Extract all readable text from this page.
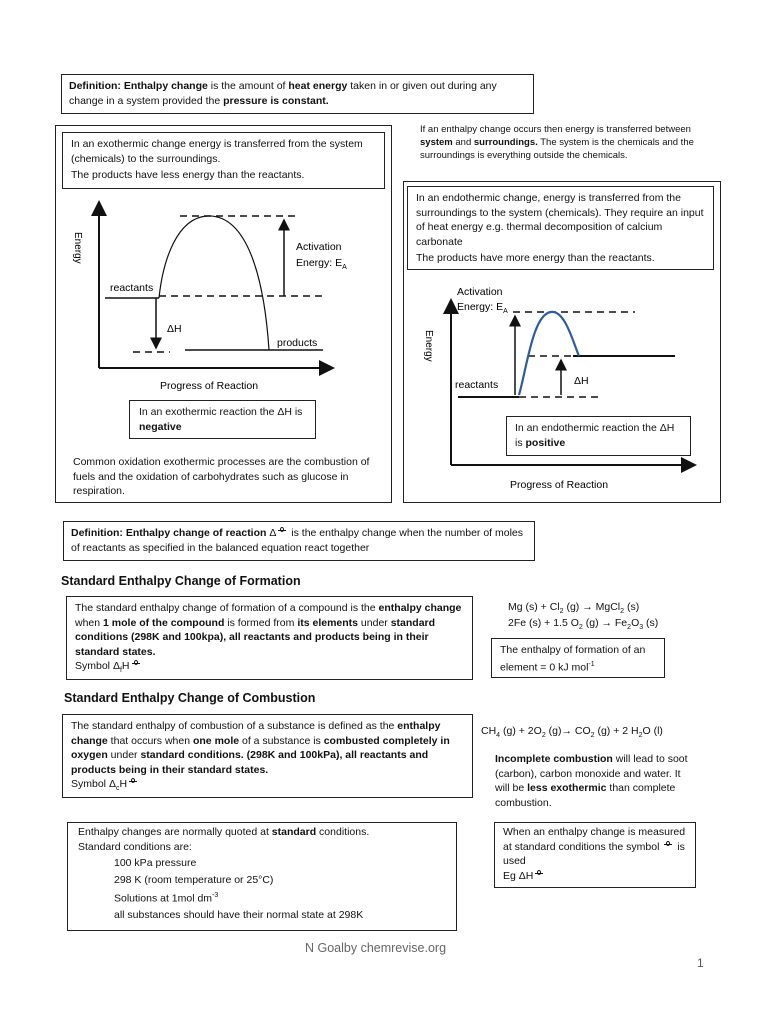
Definition: Enthalpy change is the amount of heat energy taken in or given out during any change in a system provided the pressure is constant.

In an exothermic change energy is transferred from the system (chemicals) to the surroundings.

The products have less energy than the reactants.

Energy
reactants
products
Activation
Energy: $E_A$
ΔH
Progress of Reaction
In an exothermic reaction the ΔH is negative
Common oxidation exothermic processes are the combustion of fuels and the oxidation of carbohydrates such as glucose in respiration.
If an enthalpy change occurs then energy is transferred between system and surroundings. The system is the chemicals and the surroundings is everything outside the chemicals.

In an endothermic change, energy is transferred from the surroundings to the system (chemicals). They require an input of heat energy e.g. thermal decomposition of calcium carbonate

The products have more energy than the reactants.

Energy
Activation
Energy: $E_A$
reactants	ΔH
Progress of Reaction
In an endothermic reaction the ΔH is positive
Definition: Enthalpy change of reaction Δ is the enthalpy change when the number of moles of reactants as specified in the balanced equation react together
Standard Enthalpy Change of Formation
The standard enthalpy change of formation of a compound is the enthalpy change when 1 mole of the compound is formed from its elements under standard conditions (298K and 100kpa), all reactants and products being in their standard states.
Symbol $\Delta_fH$
Mg $(s) + Cl_2$ (g) → MgCl$_2$ (s)
2Fe (s) + 1.5 $O_2$ $(g) \to Fe_2O_3$ (s)
The enthalpy of formation of an element = 0 kJ mol$^{-1}$
Standard Enthalpy Change of Combustion
The standard enthalpy of combustion of a substance is defined as the enthalpy change that occurs when one mole of a substance is combusted completely in oxygen under standard conditions. (298K and 100kPa), all reactants and products being in their standard states.
Symbol $\Delta_cH$
$CH_4$ $(g) + 2O_2$ $(g)\to CO_2$ (g) + 2 $H_2O$ (l)
Incomplete combustion will lead to soot (carbon), carbon monoxide and water. It will be less exothermic than complete combustion.
Enthalpy changes are normally quoted at standard conditions.
Standard conditions are:
100 kPa pressure
298 K (room temperature or 25°C)
Solutions at 1mol $dm^{-3}$
all substances should have their normal state at 298K
When an enthalpy change is measured at standard conditions the symbol  is used
Eg ΔH
N Goalby chemrevise.org
1
